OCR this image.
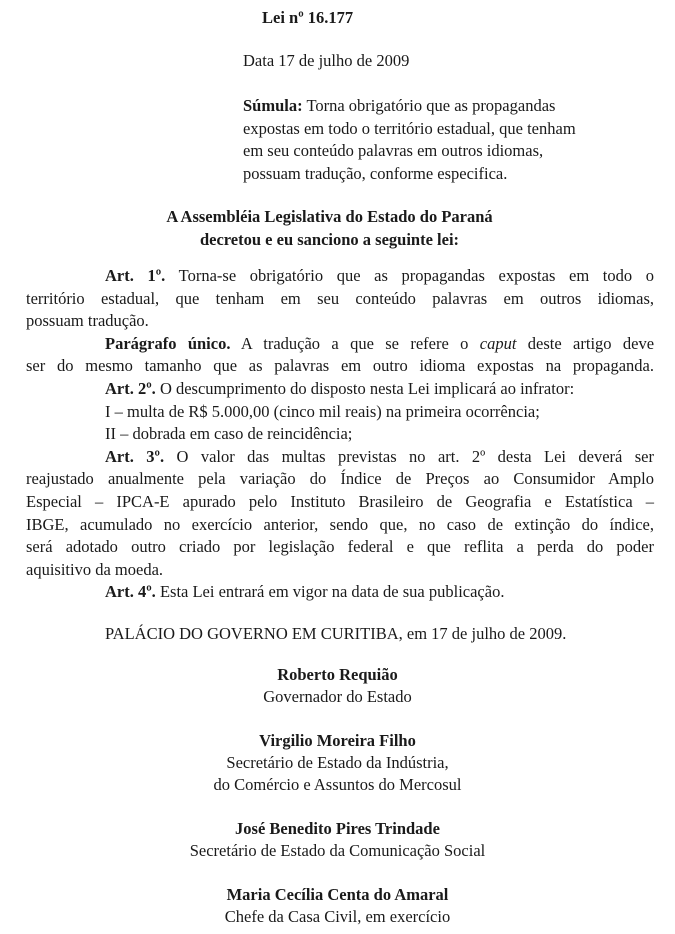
Lei nº 16.177
Data 17 de julho de 2009
Súmula: Torna obrigatório que as propagandas
expostas em todo o território estadual, que tenham
em seu conteúdo palavras em outros idiomas,
possuam tradução, conforme especifica.
A Assembléia Legislativa do Estado do Paraná
decretou e eu sanciono a seguinte lei:
Art. 1º. Torna-se obrigatório que as propagandas expostas em todo o
território estadual, que tenham em seu conteúdo palavras em outros idiomas,
possuam tradução.
Parágrafo único. A tradução a que se refere o caput deste artigo deve
ser do mesmo tamanho que as palavras em outro idioma expostas na propaganda.
Art. 2º. O descumprimento do disposto nesta Lei implicará ao infrator:
I – multa de R$ 5.000,00 (cinco mil reais) na primeira ocorrência;
II – dobrada em caso de reincidência;
Art. 3º. O valor das multas previstas no art. 2º desta Lei deverá ser
reajustado anualmente pela variação do Índice de Preços ao Consumidor Amplo
Especial – IPCA-E apurado pelo Instituto Brasileiro de Geografia e Estatística –
IBGE, acumulado no exercício anterior, sendo que, no caso de extinção do índice,
será adotado outro criado por legislação federal e que reflita a perda do poder
aquisitivo da moeda.
Art. 4º. Esta Lei entrará em vigor na data de sua publicação.
PALÁCIO DO GOVERNO EM CURITIBA, em 17 de julho de 2009.
Roberto Requião
Governador do Estado
Virgilio Moreira Filho
Secretário de Estado da Indústria,
do Comércio e Assuntos do Mercosul
José Benedito Pires Trindade
Secretário de Estado da Comunicação Social
Maria Cecília Centa do Amaral
Chefe da Casa Civil, em exercício
